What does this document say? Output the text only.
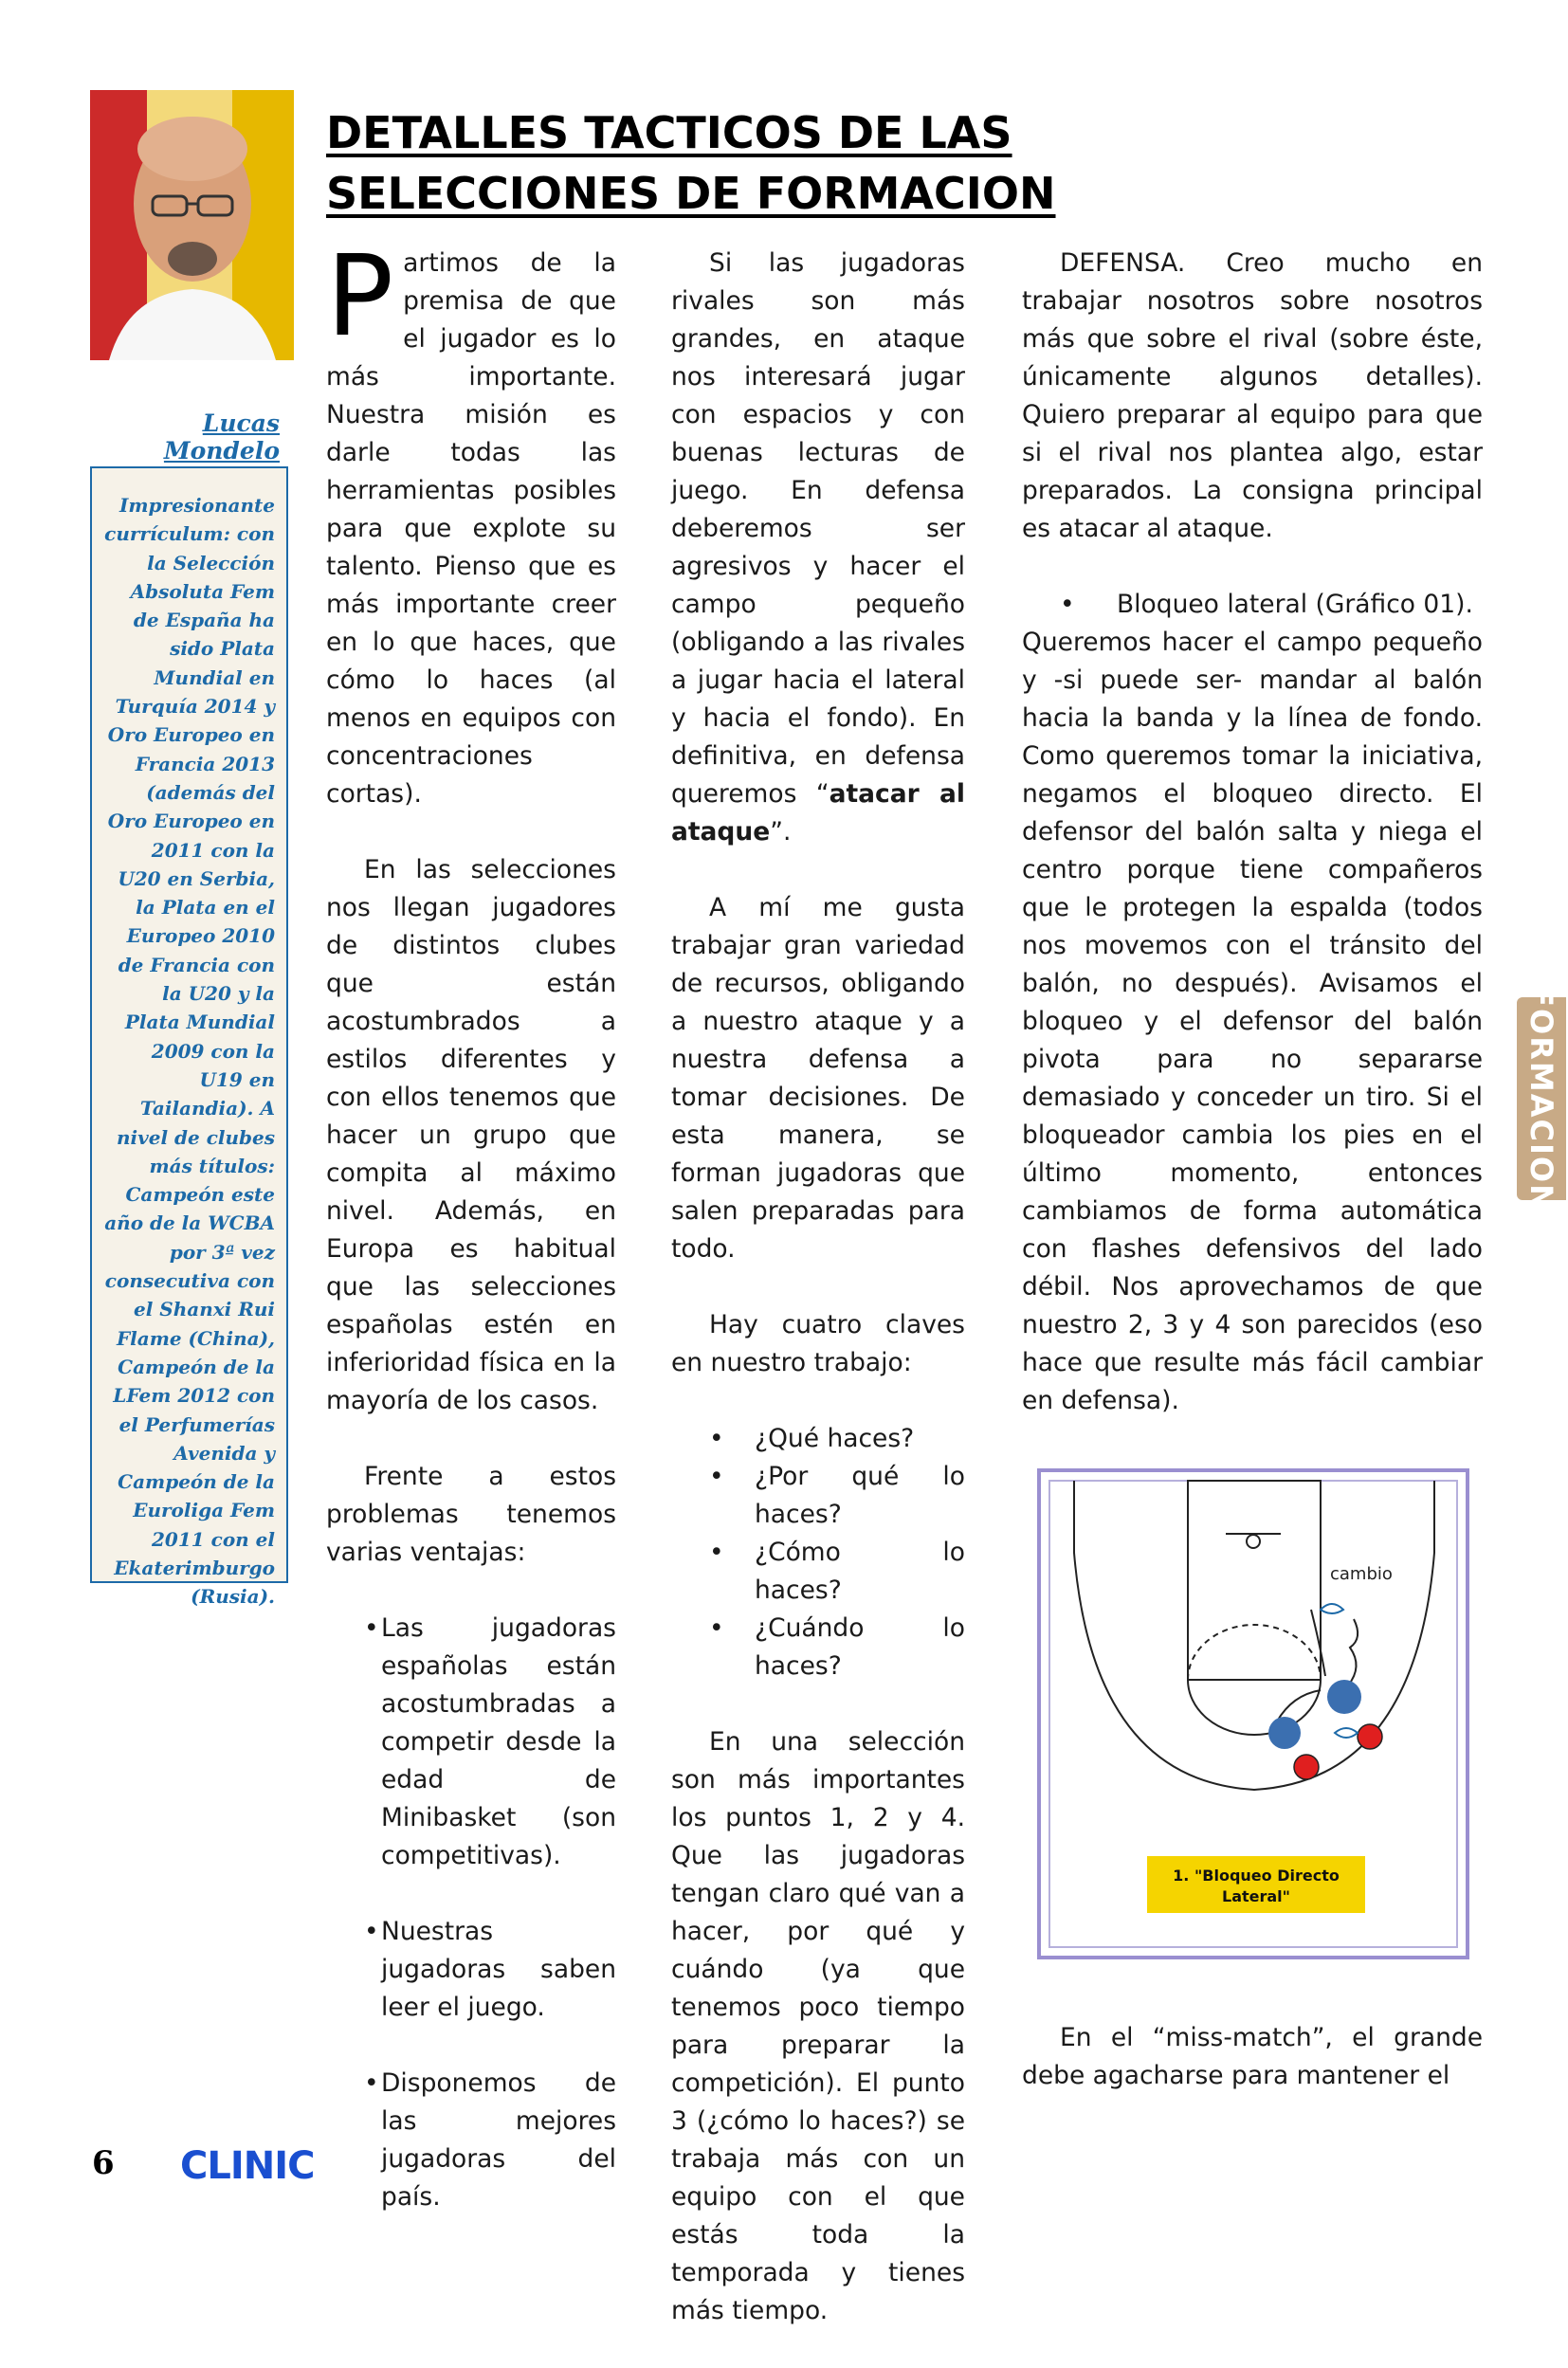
Lucas Mondelo

Impresionante currículum: con la Selección Absoluta Fem de España ha sido Plata Mundial en Turquía 2014 y Oro Europeo en Francia 2013 (además del Oro Europeo en 2011 con la U20 en Serbia, la Plata en el Europeo 2010 de Francia con la U20 y la Plata Mundial 2009 con la U19 en Tailandia). A nivel de clubes más títulos: Campeón este año de la WCBA por 3ª vez consecutiva con el Shanxi Rui Flame (China), Campeón de la LFem 2012 con el Perfumerías Avenida y Campeón de la Euroliga Fem 2011 con el Ekaterimburgo (Rusia).

DETALLES TACTICOS DE LAS SELECCIONES DE FORMACION

Partimos de la premisa de que el jugador es lo más importante. Nuestra misión es darle todas las herramientas posibles para que explote su talento. Pienso que es más importante creer en lo que haces, que cómo lo haces (al menos en equipos con concentraciones cortas).

En las selecciones nos llegan jugadores de distintos clubes que están acostumbrados a estilos diferentes y con ellos tenemos que hacer un grupo que compita al máximo nivel. Además, en Europa es habitual que las selecciones españolas estén en inferioridad física en la mayoría de los casos.

Frente a estos problemas tenemos varias ventajas:

• Las jugadoras españolas están acostumbradas a competir desde la edad de Minibasket (son competitivas).
• Nuestras jugadoras saben leer el juego.
• Disponemos de las mejores jugadoras del país.

Si las jugadoras rivales son más grandes, en ataque nos interesará jugar con espacios y con buenas lecturas de juego. En defensa deberemos ser agresivos y hacer el campo pequeño (obligando a las rivales a jugar hacia el lateral y hacia el fondo). En definitiva, en defensa queremos “atacar al ataque”.

A mí me gusta trabajar gran variedad de recursos, obligando a nuestro ataque y a nuestra defensa a tomar decisiones. De esta manera, se forman jugadoras que salen preparadas para todo.

Hay cuatro claves en nuestro trabajo:

•	¿Qué haces?
•	¿Por qué lo haces?
•	¿Cómo lo haces?
•	¿Cuándo lo haces?

En una selección son más importantes los puntos 1, 2 y 4. Que las jugadoras tengan claro qué van a hacer, por qué y cuándo (ya que tenemos poco tiempo para preparar la competición). El punto 3 (¿cómo lo haces?) se trabaja más con un equipo con el que estás toda la temporada y tienes más tiempo.

DEFENSA. Creo mucho en trabajar nosotros sobre nosotros más que sobre el rival (sobre éste, únicamente algunos detalles). Quiero preparar al equipo para que si el rival nos plantea algo, estar preparados. La consigna principal es atacar al ataque.

•	Bloqueo lateral (Gráfico 01).

Queremos hacer el campo pequeño y -si puede ser- mandar al balón hacia la banda y la línea de fondo. Como queremos tomar la iniciativa, negamos el bloqueo directo. El defensor del balón salta y niega el centro porque tiene compañeros que le protegen la espalda (todos nos movemos con el tránsito del balón, no después). Avisamos el bloqueo y el defensor del balón pivota para no separarse demasiado y conceder un tiro. Si el bloqueador cambia los pies en el último momento, entonces cambiamos de forma automática con flashes defensivos del lado débil. Nos aprovechamos de que nuestro 2, 3 y 4 son parecidos (eso hace que resulte más fácil cambiar en defensa).

cambio
1. "Bloqueo Directo
Lateral"

En el “miss-match”, el grande debe agacharse para mantener el

FORMACION
6 CLINIC
